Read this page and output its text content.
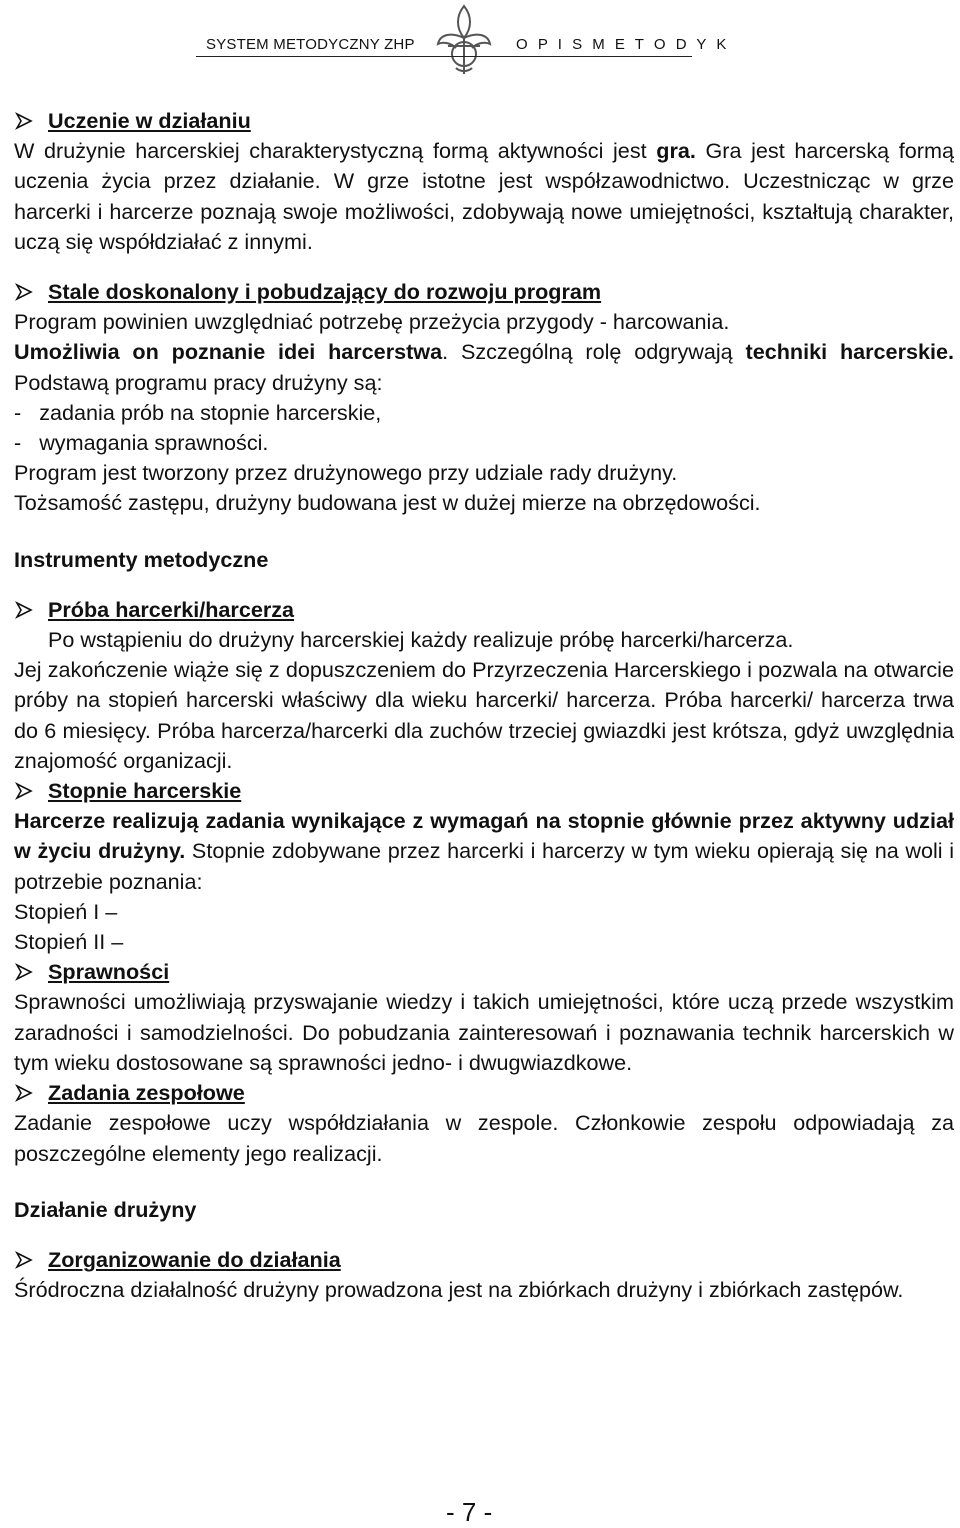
SYSTEM METODYCZNY ZHP	O P I S M E T O D Y K
Uczenie w działaniu
W drużynie harcerskiej charakterystyczną formą aktywności jest gra. Gra jest harcerską formą uczenia życia przez działanie. W grze istotne jest współzawodnictwo. Uczestnicząc w grze harcerki i harcerze poznają swoje możliwości, zdobywają nowe umiejętności, kształtują charakter, uczą się współdziałać z innymi.
Stale doskonalony i pobudzający do rozwoju program
Program powinien uwzględniać potrzebę przeżycia przygody - harcowania.
Umożliwia on poznanie idei harcerstwa. Szczególną rolę odgrywają techniki harcerskie. Podstawą programu pracy drużyny są:
-   zadania prób na stopnie harcerskie,
-   wymagania sprawności.
Program jest tworzony przez drużynowego przy udziale rady drużyny.
Tożsamość zastępu, drużyny budowana jest w dużej mierze na obrzędowości.
Instrumenty metodyczne
Próba harcerki/harcerza
Po wstąpieniu do drużyny harcerskiej każdy realizuje próbę harcerki/harcerza.
Jej zakończenie wiąże się z dopuszczeniem do Przyrzeczenia Harcerskiego i pozwala na otwarcie próby na stopień harcerski właściwy dla wieku harcerki/ harcerza. Próba harcerki/ harcerza trwa do 6 miesięcy. Próba harcerza/harcerki dla zuchów trzeciej gwiazdki jest krótsza, gdyż uwzględnia znajomość organizacji.
Stopnie harcerskie
Harcerze realizują zadania wynikające z wymagań na stopnie głównie przez aktywny udział w życiu drużyny. Stopnie zdobywane przez harcerki i harcerzy w tym wieku opierają się na woli i potrzebie poznania:
Stopień I –
Stopień II –
Sprawności
Sprawności umożliwiają przyswajanie wiedzy i takich umiejętności, które uczą przede wszystkim zaradności i samodzielności. Do pobudzania zainteresowań i poznawania technik harcerskich w tym wieku dostosowane są sprawności jedno- i dwugwiazdkowe.
Zadania zespołowe
Zadanie zespołowe uczy współdziałania w zespole. Członkowie zespołu odpowiadają za poszczególne elementy jego realizacji.
Działanie drużyny
Zorganizowanie do działania
Śródroczna działalność drużyny prowadzona jest na zbiórkach drużyny i zbiórkach zastępów.
- 7 -
